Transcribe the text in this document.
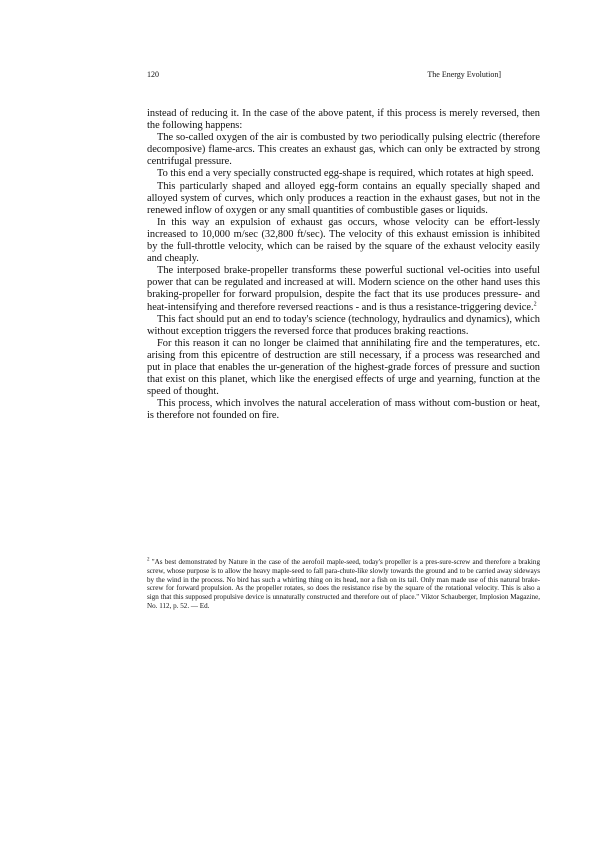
120	The Energy Evolution]

instead of reducing it. In the case of the above patent, if this process is merely reversed, then the following happens:

The so-called oxygen of the air is combusted by two periodically pulsing electric (therefore decomposive) flame-arcs. This creates an exhaust gas, which can only be extracted by strong centrifugal pressure.

To this end a very specially constructed egg-shape is required, which rotates at high speed.

This particularly shaped and alloyed egg-form contains an equally specially shaped and alloyed system of curves, which only produces a reaction in the exhaust gases, but not in the renewed inflow of oxygen or any small quantities of combustible gases or liquids.

In this way an expulsion of exhaust gas occurs, whose velocity can be effort-lessly increased to 10,000 m/sec (32,800 ft/sec). The velocity of this exhaust emission is inhibited by the full-throttle velocity, which can be raised by the square of the exhaust velocity easily and cheaply.

The interposed brake-propeller transforms these powerful suctional vel-ocities into useful power that can be regulated and increased at will. Modern science on the other hand uses this braking-propeller for forward propulsion, despite the fact that its use produces pressure- and heat-intensifying and therefore reversed reactions - and is thus a resistance-triggering device.$^2$

This fact should put an end to today's science (technology, hydraulics and dynamics), which without exception triggers the reversed force that produces braking reactions.

For this reason it can no longer be claimed that annihilating fire and the temperatures, etc. arising from this epicentre of destruction are still necessary, if a process was researched and put in place that enables the ur-generation of the highest-grade forces of pressure and suction that exist on this planet, which like the energised effects of urge and yearning, function at the speed of thought.

This process, which involves the natural acceleration of mass without com-bustion or heat, is therefore not founded on fire.

$^2$ "As best demonstrated by Nature in the case of the aerofoil maple-seed, today's propeller is a pres-sure-screw and therefore a braking screw, whose purpose is to allow the heavy maple-seed to fall para-chute-like slowly towards the ground and to be carried away sideways by the wind in the process. No bird has such a whirling thing on its head, nor a fish on its tail. Only man made use of this natural brake-screw for forward propulsion. As the propeller rotates, so does the resistance rise by the square of the rotational velocity. This is also a sign that this supposed propulsive device is unnaturally constructed and therefore out of place." Viktor Schauberger, Implosion Magazine, No. 112, p. 52. — Ed.
